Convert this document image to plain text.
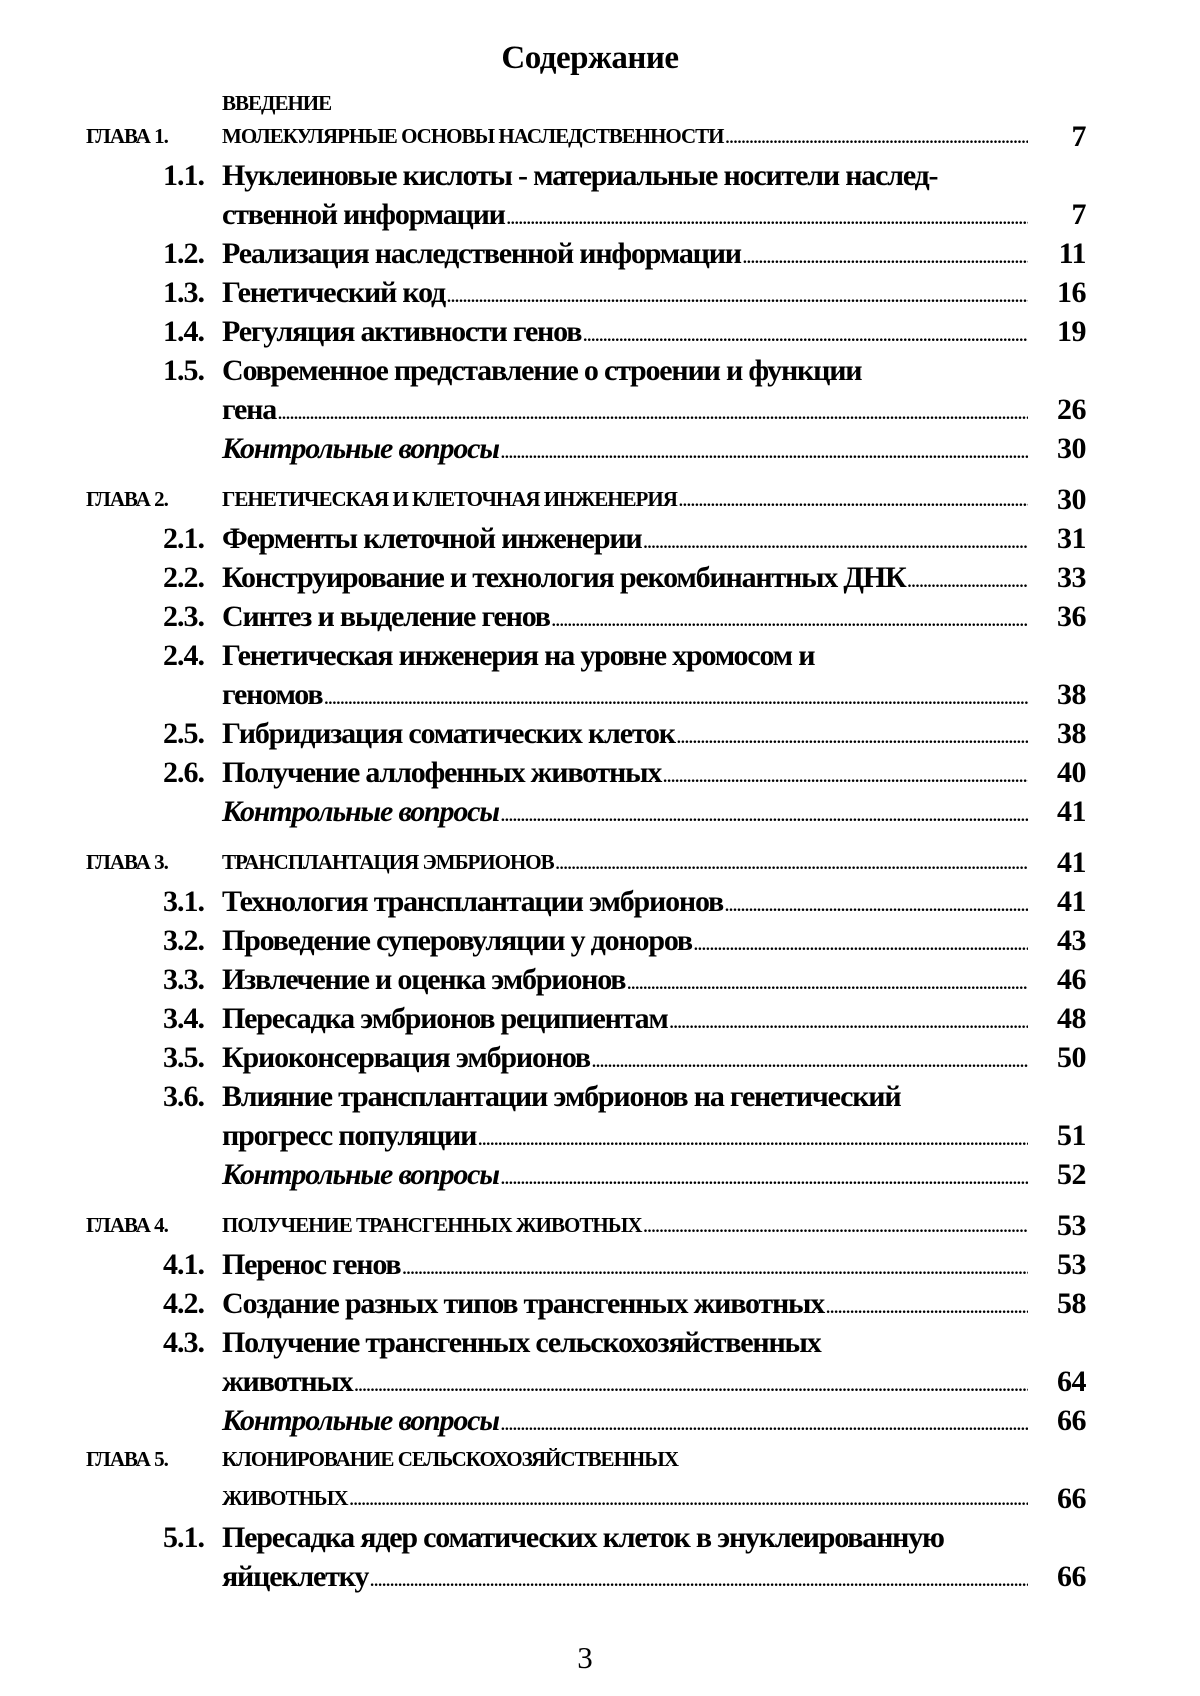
Содержание
ВВЕДЕНИЕ
ГЛАВА 1.	МОЛЕКУЛЯРНЫЕ ОСНОВЫ НАСЛЕДСТВЕННОСТИ .....	7
1.1. Нуклеиновые кислоты - материальные носители наслед-
ственной информации .....	7
1.2. Реализация наследственной информации .....	11
1.3. Генетический код .....	16
1.4. Регуляция активности генов .....	19
1.5. Современное представление о строении и функции
гена .....	26
Контрольные вопросы .....	30
ГЛАВА 2.	ГЕНЕТИЧЕСКАЯ И КЛЕТОЧНАЯ ИНЖЕНЕРИЯ .....	30
2.1. Ферменты клеточной инженерии .....	31
2.2. Конструирование и технология рекомбинантных ДНК .....	33
2.3. Синтез и выделение генов .....	36
2.4. Генетическая инженерия на уровне хромосом и
геномов .....	38
2.5. Гибридизация соматических клеток .....	38
2.6. Получение аллофенных животных .....	40
Контрольные вопросы .....	41
ГЛАВА 3.	ТРАНСПЛАНТАЦИЯ ЭМБРИОНОВ .....	41
3.1. Технология трансплантации эмбрионов .....	41
3.2. Проведение суперовуляции у доноров .....	43
3.3. Извлечение и оценка эмбрионов .....	46
3.4. Пересадка эмбрионов реципиентам .....	48
3.5. Криоконсервация эмбрионов .....	50
3.6. Влияние трансплантации эмбрионов на генетический
прогресс популяции .....	51
Контрольные вопросы .....	52
ГЛАВА 4.	ПОЛУЧЕНИЕ ТРАНСГЕННЫХ ЖИВОТНЫХ .....	53
4.1. Перенос генов .....	53
4.2. Создание разных типов трансгенных животных .....	58
4.3. Получение трансгенных сельскохозяйственных
животных .....	64
Контрольные вопросы .....	66
ГЛАВА 5.	КЛОНИРОВАНИЕ СЕЛЬСКОХОЗЯЙСТВЕННЫХ
ЖИВОТНЫХ .....	66
5.1. Пересадка ядер соматических клеток в энуклеированную
яйцеклетку .....	66
3
